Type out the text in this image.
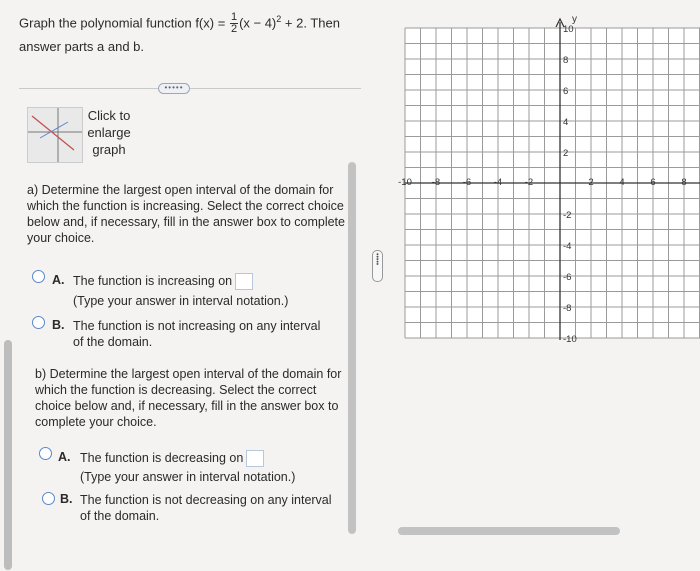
Graph the polynomial function $f(x) = \frac{1}{2} (x - 4)^2 + 2$. Then
answer parts a and b.
•••••
Click to
enlarge
graph
a) Determine the largest open interval of the domain for which the function is increasing. Select the correct choice below and, if necessary, fill in the answer box to complete your choice.
A. The function is increasing on
(Type your answer in interval notation.)
B. The function is not increasing on any interval of the domain.
b) Determine the largest open interval of the domain for which the function is decreasing. Select the correct choice below and, if necessary, fill in the answer box to complete your choice.
A. The function is decreasing on
(Type your answer in interval notation.)
B. The function is not decreasing on any interval of the domain.
•••••
y
10
8
6
4
2
-2
-4
-6
-8
-10
-10 -8 -6 -4 -2	2	4	6	8
